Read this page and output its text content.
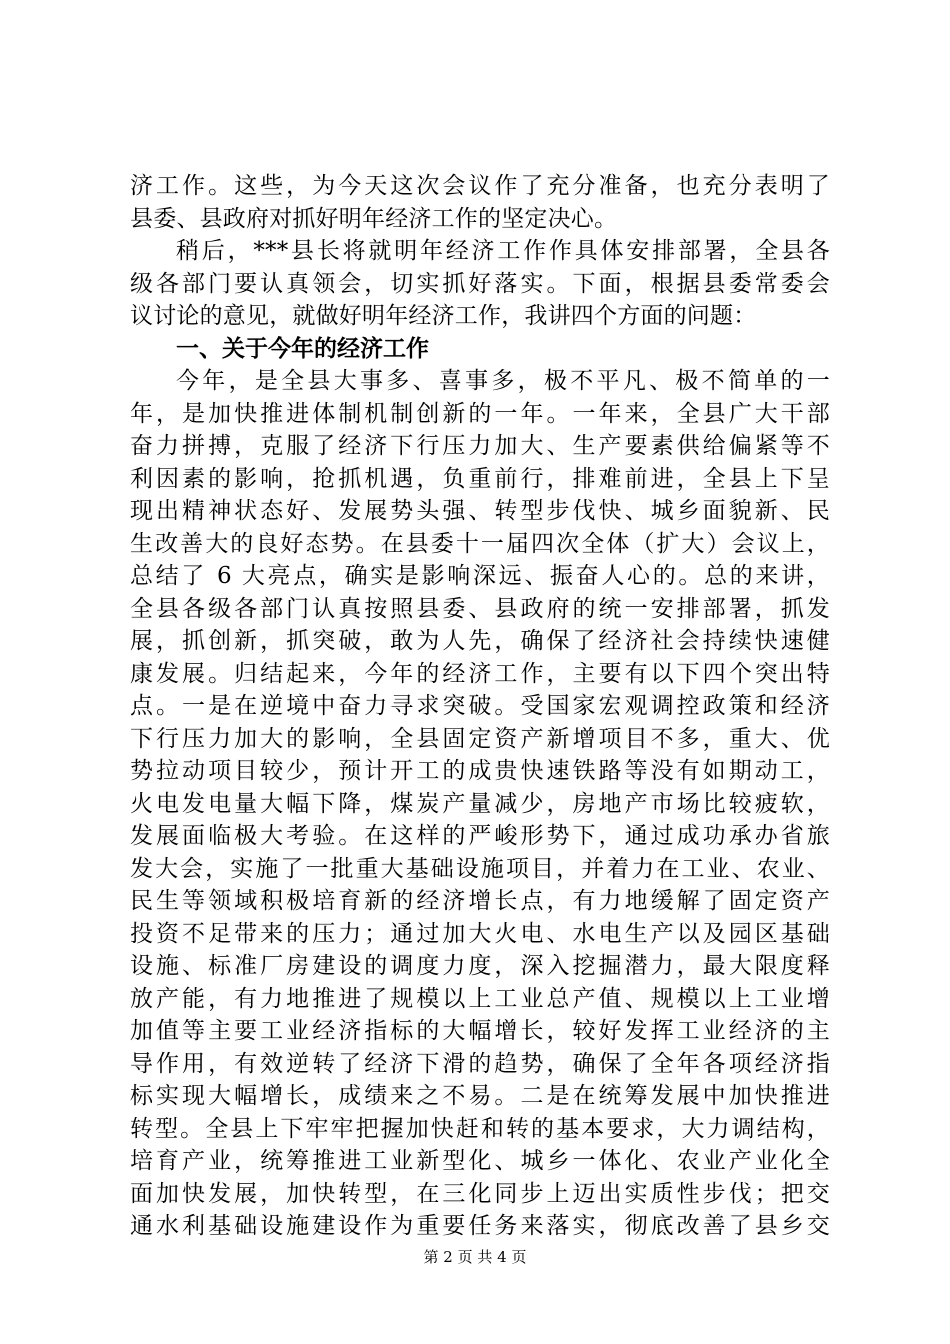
济工作。这些，为今天这次会议作了充分准备，也充分表明了
县委、县政府对抓好明年经济工作的坚定决心。
稍后，***县长将就明年经济工作作具体安排部署，全县各
级各部门要认真领会，切实抓好落实。下面，根据县委常委会
议讨论的意见，就做好明年经济工作，我讲四个方面的问题：
一、关于今年的经济工作
今年，是全县大事多、喜事多，极不平凡、极不简单的一
年，是加快推进体制机制创新的一年。一年来，全县广大干部
奋力拼搏，克服了经济下行压力加大、生产要素供给偏紧等不
利因素的影响，抢抓机遇，负重前行，排难前进，全县上下呈
现出精神状态好、发展势头强、转型步伐快、城乡面貌新、民
生改善大的良好态势。在县委十一届四次全体（扩大）会议上，
总结了 6 大亮点，确实是影响深远、振奋人心的。总的来讲，
全县各级各部门认真按照县委、县政府的统一安排部署，抓发
展，抓创新，抓突破，敢为人先，确保了经济社会持续快速健
康发展。归结起来，今年的经济工作，主要有以下四个突出特
点。一是在逆境中奋力寻求突破。受国家宏观调控政策和经济
下行压力加大的影响，全县固定资产新增项目不多，重大、优
势拉动项目较少，预计开工的成贵快速铁路等没有如期动工，
火电发电量大幅下降，煤炭产量减少，房地产市场比较疲软，
发展面临极大考验。在这样的严峻形势下，通过成功承办省旅
发大会，实施了一批重大基础设施项目，并着力在工业、农业、
民生等领域积极培育新的经济增长点，有力地缓解了固定资产
投资不足带来的压力；通过加大火电、水电生产以及园区基础
设施、标准厂房建设的调度力度，深入挖掘潜力，最大限度释
放产能，有力地推进了规模以上工业总产值、规模以上工业增
加值等主要工业经济指标的大幅增长，较好发挥工业经济的主
导作用，有效逆转了经济下滑的趋势，确保了全年各项经济指
标实现大幅增长，成绩来之不易。二是在统筹发展中加快推进
转型。全县上下牢牢把握加快赶和转的基本要求，大力调结构，
培育产业，统筹推进工业新型化、城乡一体化、农业产业化全
面加快发展，加快转型，在三化同步上迈出实质性步伐；把交
通水利基础设施建设作为重要任务来落实，彻底改善了县乡交
第 2 页 共 4 页
